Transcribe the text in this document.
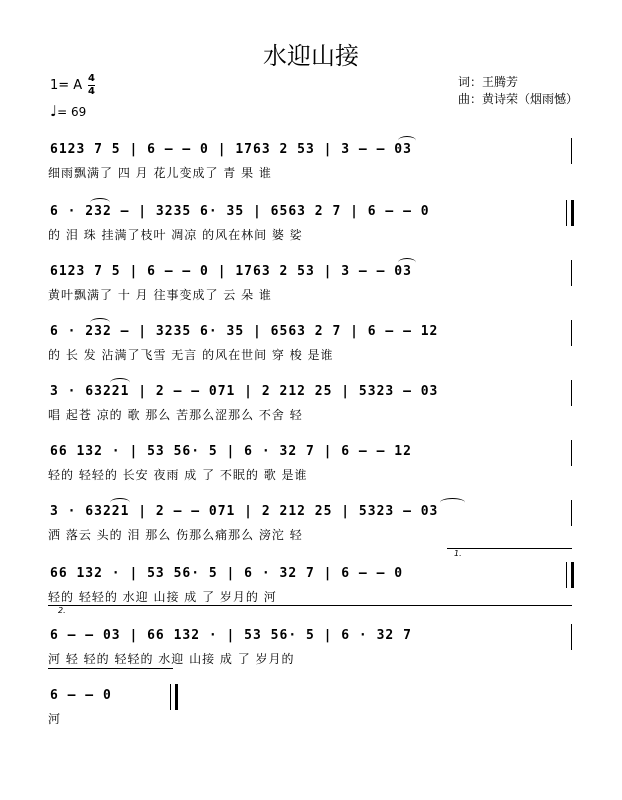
水迎山接
1= A 4
4
♩= 69
词：王腾芳
曲：黄诗荣（烟雨憾）
6123 7 5 | 6 – – 0 | 1763 2 53 | 3 – – 03
细雨飘满了 四 月 花儿变成了 青 果 谁
6 · 232 – | 3235 6· 35 | 6563 2 7 | 6 – – 0
的 泪 珠 挂满了枝叶 凋凉 的风在林间 婆 娑
6123 7 5 | 6 – – 0 | 1763 2 53 | 3 – – 03
黄叶飘满了 十 月 往事变成了 云 朵 谁
6 · 232 – | 3235 6· 35 | 6563 2 7 | 6 – – 12
的 长 发 沾满了飞雪 无言 的风在世间 穿 梭 是谁
3 · 63221 | 2 – – 071 | 2 212 25 | 5323 – 03
唱 起苍 凉的 歌 那么 苦那么涩那么 不舍 轻
66 132 · | 53 56· 5 | 6 · 32 7 | 6 – – 12
轻的 轻轻的 长安 夜雨 成 了 不眠的 歌 是谁
3 · 63221 | 2 – – 071 | 2 212 25 | 5323 – 03
洒 落云 头的 泪 那么 伤那么痛那么 滂沱 轻
1.
66 132 · | 53 56· 5 | 6 · 32 7 | 6 – – 0
轻的 轻轻的 水迎 山接 成 了 岁月的 河
2.
6 – – 03 | 66 132 · | 53 56· 5 | 6 · 32 7
河 轻 轻的 轻轻的 水迎 山接 成 了 岁月的
6 – – 0
河
